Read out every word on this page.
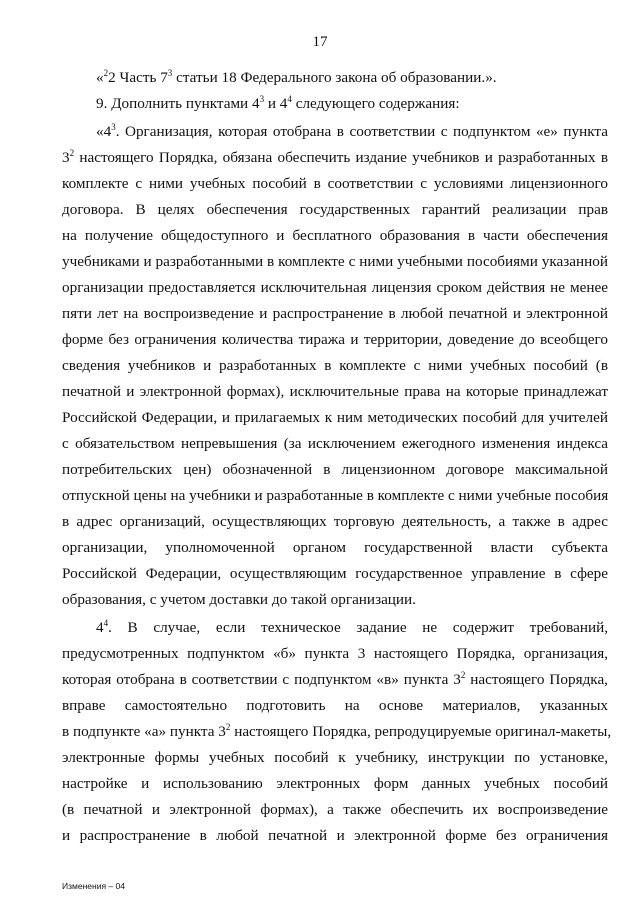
17
«$^2$2 Часть $7^3$ статьи 18 Федерального закона об образовании.».
9. Дополнить пунктами $4^3$ и $4^4$ следующего содержания:
«$4^3$. Организация, которая отобрана в соответствии с подпунктом «е» пункта
$3^2$ настоящего Порядка, обязана обеспечить издание учебников и разработанных в
комплекте с ними учебных пособий в соответствии с условиями лицензионного
договора. В целях обеспечения государственных гарантий реализации прав
на получение общедоступного и бесплатного образования в части обеспечения
учебниками и разработанными в комплекте с ними учебными пособиями указанной
организации предоставляется исключительная лицензия сроком действия не менее
пяти лет на воспроизведение и распространение в любой печатной и электронной
форме без ограничения количества тиража и территории, доведение до всеобщего
сведения учебников и разработанных в комплекте с ними учебных пособий (в
печатной и электронной формах), исключительные права на которые принадлежат
Российской Федерации, и прилагаемых к ним методических пособий для учителей
с обязательством непревышения (за исключением ежегодного изменения индекса
потребительских цен) обозначенной в лицензионном договоре максимальной
отпускной цены на учебники и разработанные в комплекте с ними учебные пособия
в адрес организаций, осуществляющих торговую деятельность, а также в адрес
организации, уполномоченной органом государственной власти субъекта
Российской Федерации, осуществляющим государственное управление в сфере
образования, с учетом доставки до такой организации.
$4^4$. В случае, если техническое задание не содержит требований,
предусмотренных подпунктом «б» пункта 3 настоящего Порядка, организация,
которая отобрана в соответствии с подпунктом «в» пункта $3^2$ настоящего Порядка,
вправе самостоятельно подготовить на основе материалов, указанных
в подпункте «а» пункта $3^2$ настоящего Порядка, репродуцируемые оригинал-макеты,
электронные формы учебных пособий к учебнику, инструкции по установке,
настройке и использованию электронных форм данных учебных пособий
(в печатной и электронной формах), а также обеспечить их воспроизведение
и распространение в любой печатной и электронной форме без ограничения
Изменения – 04
